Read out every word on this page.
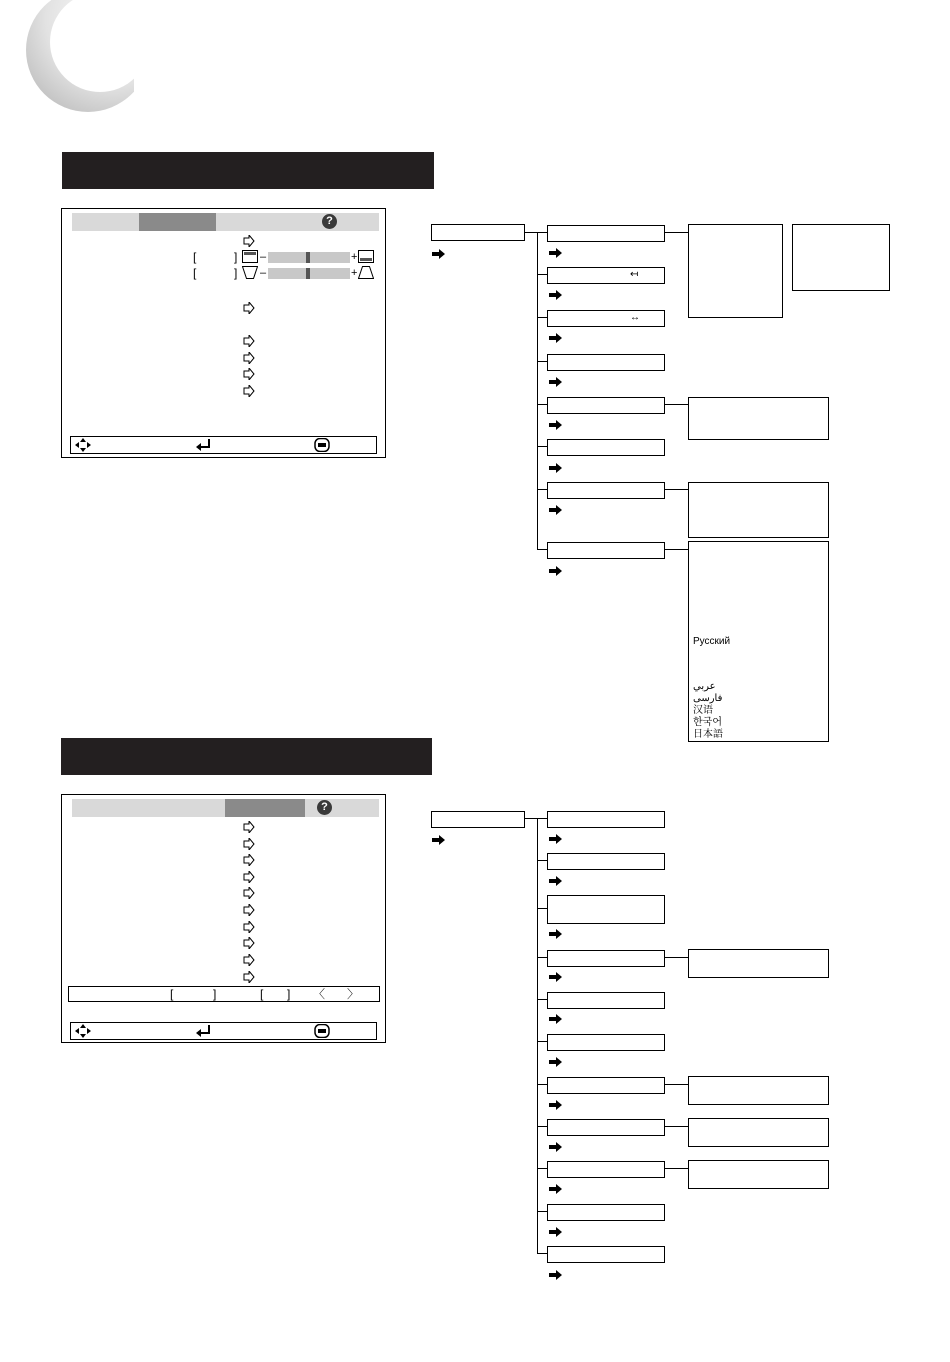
?
[	] –	+
[	] –	+	↤
↔
Русский
عربي
فارسی
汉语
한국어
日本語
?
[	]	[ ] 〈 〉
